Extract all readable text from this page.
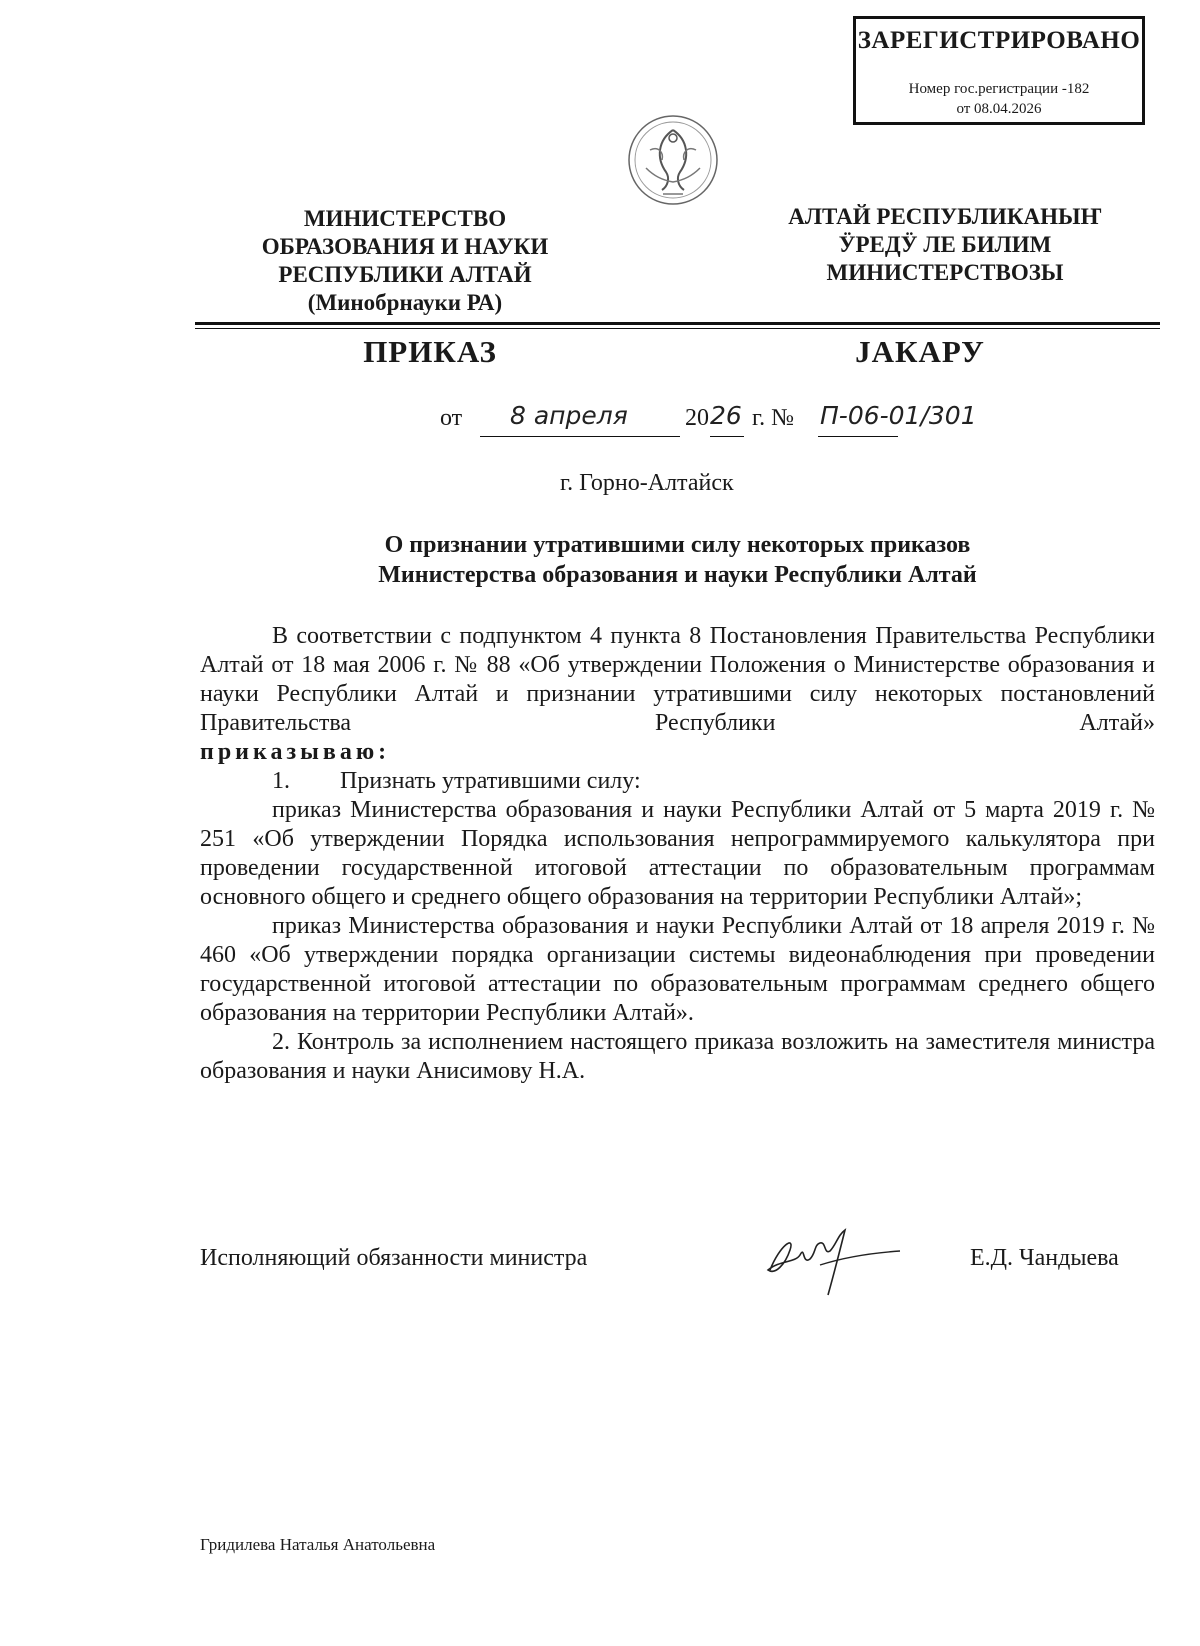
ЗАРЕГИСТРИРОВАНО
Номер гос.регистрации -182
от 08.04.2026
МИНИСТЕРСТВО
ОБРАЗОВАНИЯ И НАУКИ
РЕСПУБЛИКИ АЛТАЙ
(Минобрнауки РА)
АЛТАЙ РЕСПУБЛИКАНЫҤ
ӰРЕДӰ ЛЕ БИЛИМ
МИНИСТЕРСТВОЗЫ
ПРИКАЗ	ЈАКАРУ
от 8 апреля 20 26 г. № П-06-01/301
г. Горно-Алтайск
О признании утратившими силу некоторых приказов
Министерства образования и науки Республики Алтай

В соответствии с подпунктом 4 пункта 8 Постановления Правительства Республики Алтай от 18 мая 2006 г. № 88 «Об утверждении Положения о Министерстве образования и науки Республики Алтай и признании утратившими силу некоторых постановлений Правительства Республики Алтай»

приказываю:

1. Признать утратившими силу:

приказ Министерства образования и науки Республики Алтай от 5 марта 2019 г. № 251 «Об утверждении Порядка использования непрограммируемого калькулятора при проведении государственной итоговой аттестации по образовательным программам основного общего и среднего общего образования на территории Республики Алтай»;

приказ Министерства образования и науки Республики Алтай от 18 апреля 2019 г. № 460 «Об утверждении порядка организации системы видеонаблюдения при проведении государственной итоговой аттестации по образовательным программам среднего общего образования на территории Республики Алтай».

2. Контроль за исполнением настоящего приказа возложить на заместителя министра образования и науки Анисимову Н.А.

Исполняющий обязанности министра	Е.Д. Чандыева
Гридилева Наталья Анатольевна
